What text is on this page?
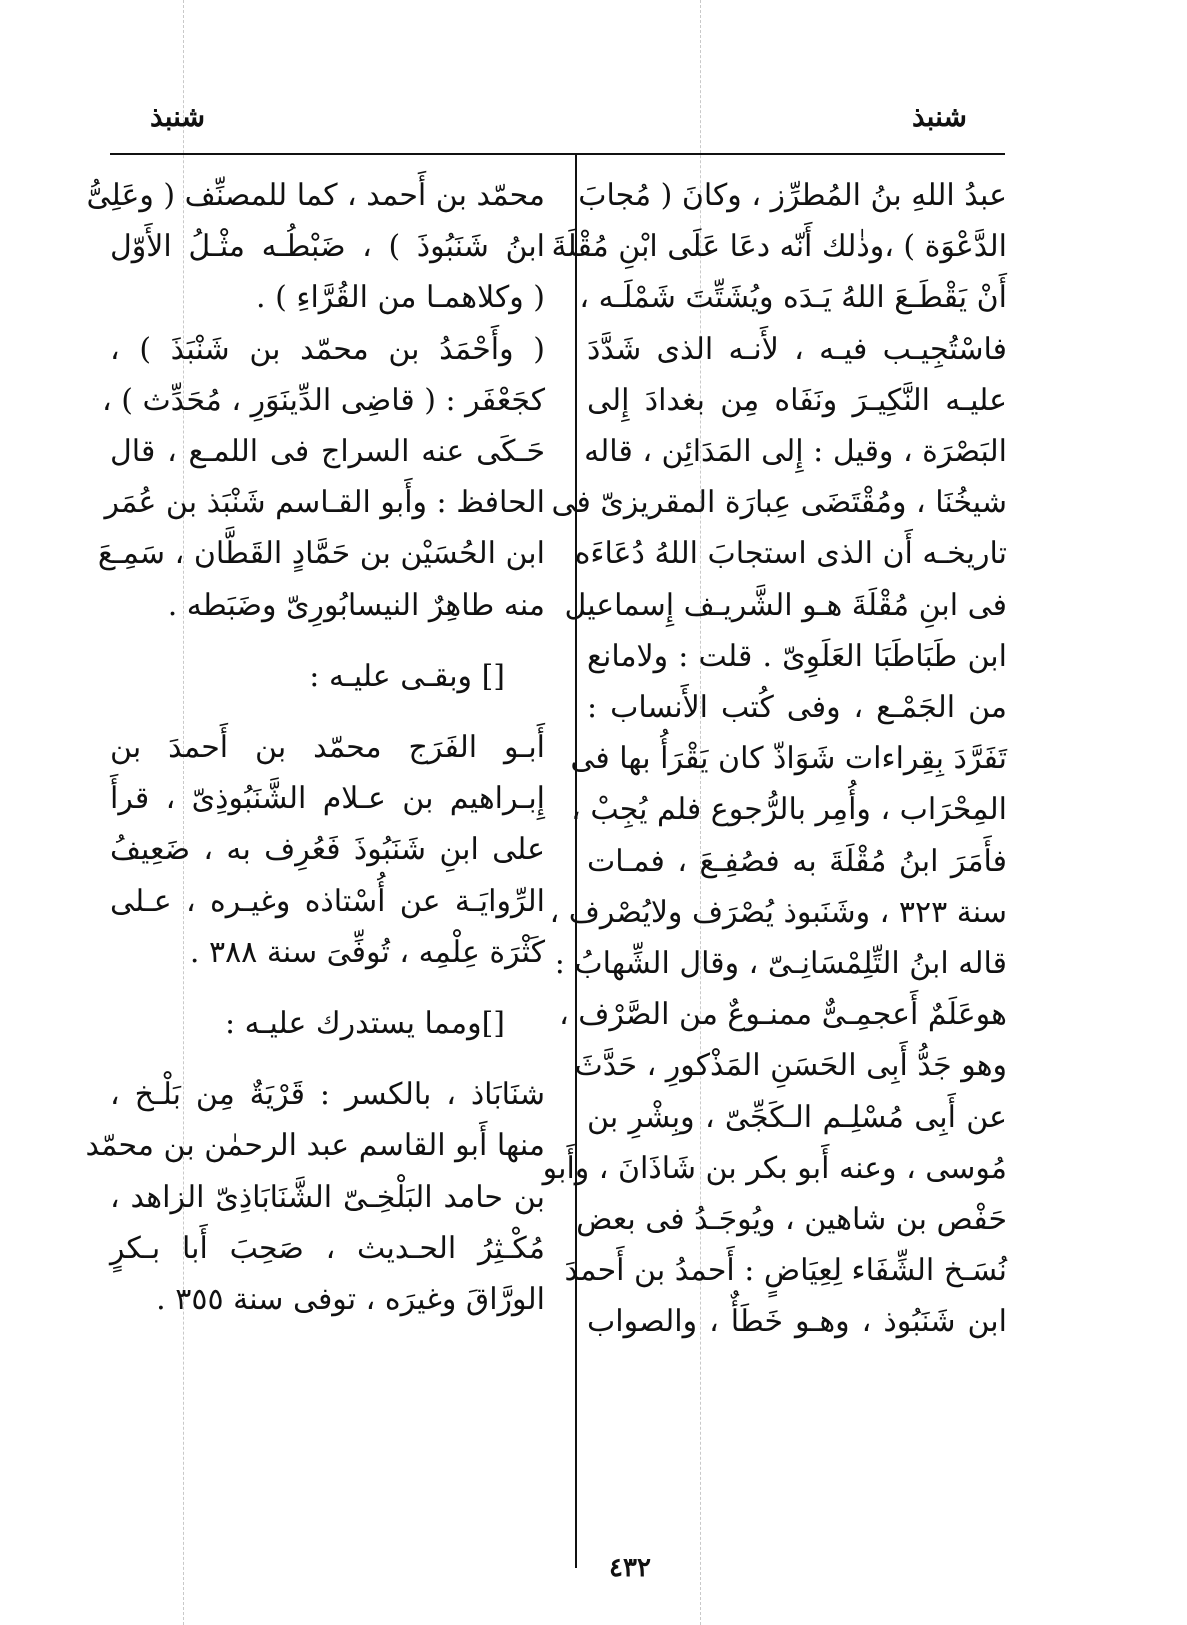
شنبذ
شنبذ
عبدُ اللهِ بنُ المُطرِّز ، وكانَ ( مُجابَ
الدَّعْوَة ) ،وذٰلك أَنّه دعَا عَلَى ابْنِ مُقْلَةَ
أَنْ يَقْطَـعَ اللهُ يَـدَه ويُشَتِّتَ شَمْلَـه ،
فاسْتُجِيـب فيـه ، لأَنـه الذى شَدَّدَ
عليـه النَّكِيـرَ ونَفَاه مِن بغدادَ إِلى
البَصْرَة ، وقيل : إِلى المَدَائِن ، قاله
شيخُنَا ، ومُقْتَضَى عِبارَة المقريزىّ فى
تاريخـه أَن الذى استجابَ اللهُ دُعَاءَه
فى ابنِ مُقْلَةَ هـو الشَّريـف إِسماعيل
ابن طَبَاطَبَا العَلَوِىّ . قلت : ولامانع
من الجَمْـع ، وفى كُتب الأَنساب :
تَفَرَّدَ بِقِراءات شَوَاذّ كان يَقْرَأُ بها فى
المِحْرَاب ، وأُمِر بالرُّجوع فلم يُجِبْ ،
فأَمَرَ ابنُ مُقْلَةَ به فصُفِـعَ ، فمـات
سنة ٣٢٣ ، وشَنَبوذ يُصْرَف ولايُصْرف ،
قاله ابنُ التِّلِمْسَانِـىّ ، وقال الشِّهابُ :
هوعَلَمٌ أَعجمِـىٌّ ممنـوعٌ من الصَّرْف ،
وهو جَدُّ أَبِى الحَسَنِ المَذْكورِ ، حَدَّثَ
عن أَبِى مُسْلِـم الـكَجِّىّ ، وبِشْرِ بن
مُوسى ، وعنه أَبو بكر بن شَاذَانَ ، وأَبو
حَفْص بن شاهين ، ويُوجَـدُ فى بعض
نُسَـخ الشِّفَاء لِعِيَاضٍ : أَحمدُ بن أَحمدَ
ابن شَنَبُوذ ، وهـو خَطَأٌ ، والصواب
محمّد بن أَحمد ، كما للمصنِّف ( وعَلِىُّ
ابنُ شَنَبُوذَ ) ، ضَبْطُـه مثْـلُ الأَوّل
( وكلاهمـا من القُرَّاءِ ) .
( وأَحْمَدُ بن محمّد بن شَنْبَذَ ) ،
كجَعْفَر : ( قاضِى الدِّينَوَرِ ، مُحَدِّث ) ،
حَـكَى عنه السراج فى اللمـع ، قال
الحافظ : وأَبو القـاسم شَنْبَذ بن عُمَر
ابن الحُسَيْن بن حَمَّادٍ القَطَّان ، سَمِـعَ
منه طاهِرٌ النيسابُورِىّ وضَبَطه .
[] وبقـى عليـه :
أَبـو الفَرَج محمّد بن أَحمدَ بن
إِبـراهيم بن عـلام الشَّنَبُوذِىّ ، قرأَ
على ابنِ شَنَبُوذَ فَعُرِف به ، ضَعِيفُ
الرِّوايَـة عن أُسْتاذه وغيـره ، عـلى
كَثْرَة عِلْمِه ، تُوفِّىَ سنة ٣٨٨ .
[]ومما يستدرك عليـه :
شنَابَاذ ، بالكسر : قَرْيَةٌ مِن بَلْـخ ،
منها أَبو القاسم عبد الرحمٰن بن محمّد
بن حامد البَلْخِـىّ الشَّنَابَاذِىّ الزاهد ،
مُكْـثِرُ الحـديث ، صَحِبَ أَبا بـكرٍ
الورَّاقَ وغيرَه ، توفى سنة ٣٥٥ .
٤٣٢
